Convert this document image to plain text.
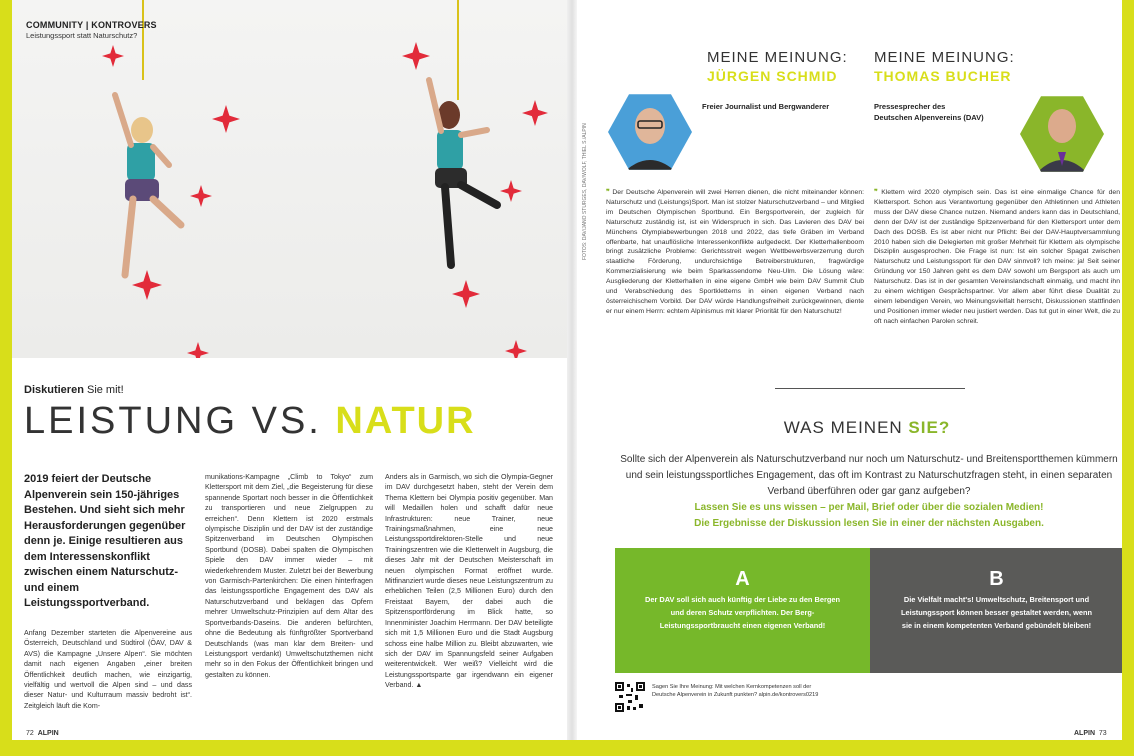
COMMUNITY | KONTROVERS
Leistungssport statt Naturschutz?
Diskutieren Sie mit!
LEISTUNG VS. NATUR
2019 feiert der Deutsche Alpenverein sein 150-jähriges Bestehen. Und sieht sich mehr Herausforderungen gegenüber denn je. Einige resultieren aus dem Interessenskonflikt zwischen einem Naturschutz- und einem Leistungssportverband.
Anfang Dezember starteten die Alpenvereine aus Österreich, Deutschland und Südtirol (ÖAV, DAV & AVS) die Kampagne „Unsere Alpen“. Sie möchten damit nach eigenen Angaben „einer breiten Öffentlichkeit deutlich machen, wie einzigartig, vielfältig und wertvoll die Alpen sind – und dass dieser Natur- und Kulturraum massiv bedroht ist“. Zeitgleich läuft die Kom-
munikations-Kampagne „Climb to Tokyo“ zum Klettersport mit dem Ziel, „die Begeisterung für diese spannende Sportart noch besser in die Öffentlichkeit zu transportieren und neue Zielgruppen zu erreichen“. Denn Klettern ist 2020 erstmals olympische Disziplin und der DAV ist der zuständige Spitzenverband im Deutschen Olympischen Sportbund (DOSB). Dabei spalten die Olympischen Spiele den DAV immer wieder – mit wiederkehrendem Muster. Zuletzt bei der Bewerbung von Garmisch-Partenkirchen: Die einen hinterfragen das leistungssportliche Engagement des DAV als Naturschutzverband und beklagen das Opfern mehrer Umweltschutz-Prinzipien auf dem Altar des Sportverbands-Daseins. Die anderen befürchten, ohne die Bedeutung als fünftgrößter Sportverband Deutschlands (was man klar dem Breiten- und Leistungsport verdankt) Umweltschutzthemen nicht mehr so in den Fokus der Öffentlichkeit bringen und gestalten zu können.
Anders als in Garmisch, wo sich die Olympia-Gegner im DAV durchgesetzt haben, steht der Verein dem Thema Klettern bei Olympia positiv gegenüber. Man will Medaillen holen und schafft dafür neue Infrastrukturen: neue Trainer, neue Trainingsmaßnahmen, eine neue Leistungssportdirektoren-Stelle und neue Trainingszentren wie die Kletterwelt in Augsburg, die dieses Jahr mit der Deutschen Meisterschaft im neuen olympischen Format eröffnet wurde. Mitfinanziert wurde dieses neue Leistungszentrum zu erheblichen Teilen (2,5 Millionen Euro) durch den Freistaat Bayern, der dabei auch die Spitzensportförderung im Blick hatte, so Innenminister Joachim Herrmann. Der DAV beteiligte sich mit 1,5 Millionen Euro und die Stadt Augsburg schoss eine halbe Million zu. Bleibt abzuwarten, wie sich der DAV im Spannungsfeld seiner Aufgaben weiterentwickelt. Wer weiß? Vielleicht wird die Leistungssportsparte gar irgendwann ein eigener Verband. ▲
72 ALPIN
MEINE MEINUNG:
JÜRGEN SCHMID
Freier Journalist und Bergwanderer
MEINE MEINUNG:
THOMAS BUCHER
Pressesprecher des
Deutschen Alpenvereins (DAV)
❞ Der Deutsche Alpenverein will zwei Herren dienen, die nicht miteinander können: Naturschutz und (Leistungs)Sport. Man ist stolzer Naturschutzverband – und Mitglied im Deutschen Olympischen Sportbund. Ein Bergsportverein, der zugleich für Naturschutz zuständig ist, ist ein Widerspruch in sich. Das Lavieren des DAV bei Münchens Olympiabewerbungen 2018 und 2022, das tiefe Gräben im Verband offenbarte, hat unauflösliche Interessenkonflikte aufgedeckt. Der Kletterhallenboom bringt zusätzliche Probleme: Gerichtsstreit wegen Wettbewerbsverzerrung durch staatliche Förderung, undurchsichtige Betreiberstrukturen, fragwürdige Kommerzialisierung wie beim Sparkassendome Neu-Ulm. Die Lösung wäre: Ausgliederung der Kletterhallen in eine eigene GmbH wie beim DAV Summit Club und Verabschiedung des Sportkletterns in einen eigenen Verband nach österreichischem Vorbild. Der DAV würde Handlungsfreiheit zurückgewinnen, diente er nur einem Herrn: echtem Alpinismus mit klarer Priorität für den Naturschutz!
❞ Klettern wird 2020 olympisch sein. Das ist eine einmalige Chance für den Klettersport. Schon aus Verantwortung gegenüber den Athletinnen und Athleten muss der DAV diese Chance nutzen. Niemand anders kann das in Deutschland, denn der DAV ist der zuständige Spitzenverband für den Klettersport unter dem Dach des DOSB. Es ist aber nicht nur Pflicht: Bei der DAV-Hauptversammlung 2010 haben sich die Delegierten mit großer Mehrheit für Klettern als olympische Disziplin ausgesprochen. Die Frage ist nun: Ist ein solcher Spagat zwischen Naturschutz und Leistungssport für den DAV sinnvoll? Ich meine: ja! Seit seiner Gründung vor 150 Jahren geht es dem DAV sowohl um Bergsport als auch um Naturschutz. Das ist in der gesamten Vereinslandschaft einmalig, und macht ihn zu einem wichtigen Gesprächspartner. Vor allem aber führt diese Dualität zu einem lebendigen Verein, wo Meinungsvielfalt herrscht, Diskussionen stattfinden und Positionen immer wieder neu justiert werden. Das tut gut in einer Welt, die zu oft nach einfachen Parolen schreit.
FOTOS: DAV/JANO STURGES, DAV/WOLF, THIEL S./ALPIN
WAS MEINEN SIE?
Sollte sich der Alpenverein als Naturschutzverband nur noch um Naturschutz- und Breitensportthemen kümmern und sein leistungssportliches Engagement, das oft im Kontrast zu Naturschutzfragen steht, in einen separaten Verband überführen oder gar ganz aufgeben?
Lassen Sie es uns wissen – per Mail, Brief oder über die sozialen Medien!
Die Ergebnisse der Diskussion lesen Sie in einer der nächsten Ausgaben.
A
Der DAV soll sich auch künftig der Liebe zu den Bergen und deren Schutz verpflichten. Der Berg-Leistungssportbraucht einen eigenen Verband!
B
Die Vielfalt macht's! Umweltschutz, Breitensport und Leistungssport können besser gestaltet werden, wenn sie in einem kompetenten Verband gebündelt bleiben!
Sagen Sie Ihre Meinung: Mit welchen Kernkompetenzen soll der Deutsche Alpenverein in Zukunft punkten? alpin.de/kontrovers0219
ALPIN 73
